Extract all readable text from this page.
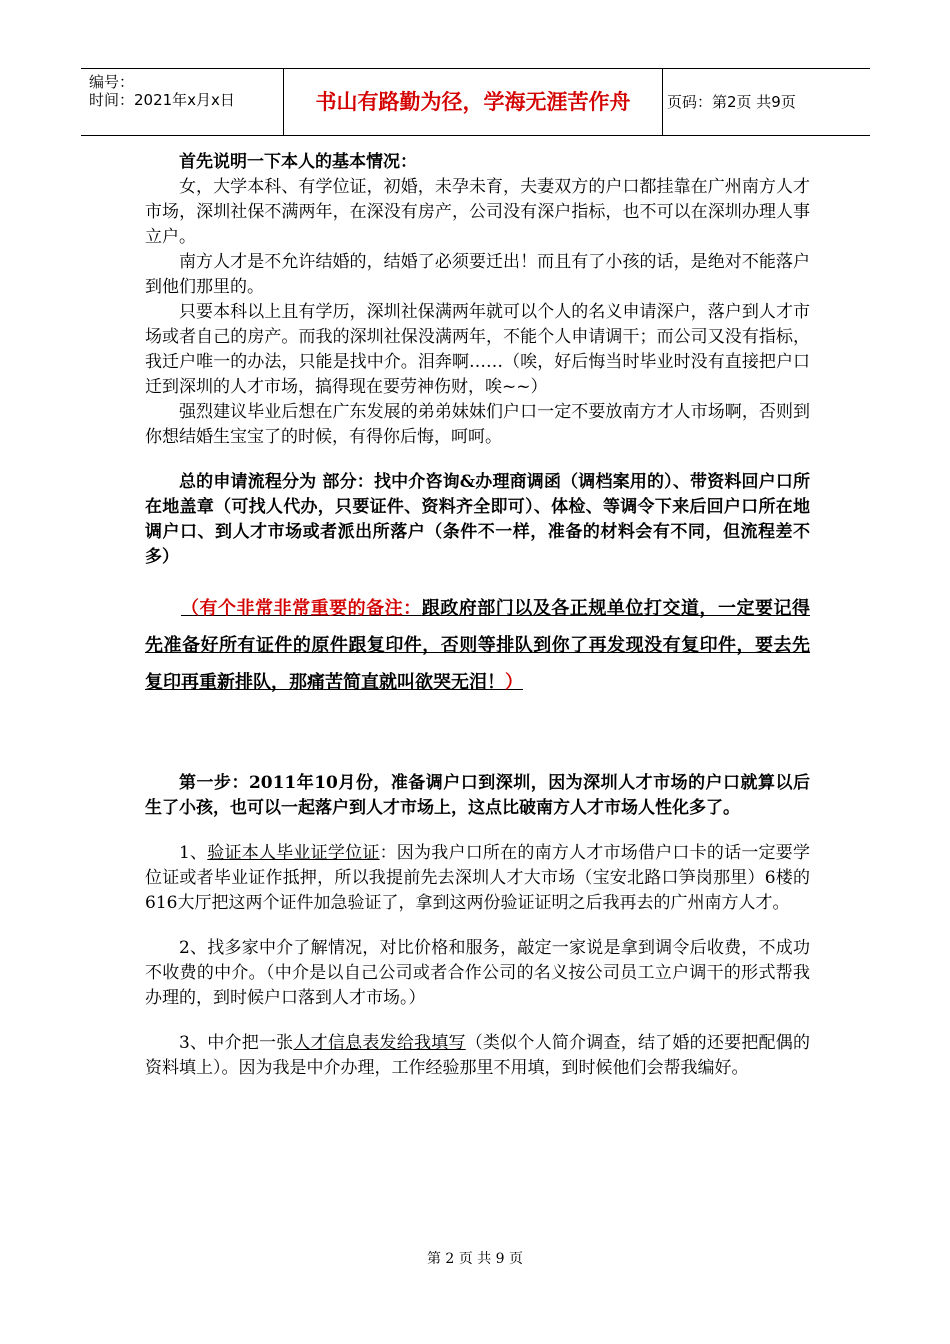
编号：
时间：2021年x月x日	书山有路勤为径，学海无涯苦作舟	页码：第2页 共9页

首先说明一下本人的基本情况：

女，大学本科、有学位证，初婚，未孕未育，夫妻双方的户口都挂靠在广州南方人才市场，深圳社保不满两年，在深没有房产，公司没有深户指标，也不可以在深圳办理人事立户。

南方人才是不允许结婚的，结婚了必须要迁出！而且有了小孩的话，是绝对不能落户到他们那里的。

只要本科以上且有学历，深圳社保满两年就可以个人的名义申请深户，落户到人才市场或者自己的房产。而我的深圳社保没满两年，不能个人申请调干；而公司又没有指标，我迁户唯一的办法，只能是找中介。泪奔啊……（唉，好后悔当时毕业时没有直接把户口迁到深圳的人才市场，搞得现在要劳神伤财，唉~~）

强烈建议毕业后想在广东发展的弟弟妹妹们户口一定不要放南方才人市场啊，否则到你想结婚生宝宝了的时候，有得你后悔，呵呵。

总的申请流程分为 部分：找中介咨询&办理商调函（调档案用的）、带资料回户口所在地盖章（可找人代办，只要证件、资料齐全即可）、体检、等调令下来后回户口所在地调户口、到人才市场或者派出所落户（条件不一样，准备的材料会有不同，但流程差不多）

（有个非常非常重要的备注：跟政府部门以及各正规单位打交道，一定要记得先准备好所有证件的原件跟复印件，否则等排队到你了再发现没有复印件，要去先复印再重新排队，那痛苦简直就叫欲哭无泪！）

第一步：2011年10月份，准备调户口到深圳，因为深圳人才市场的户口就算以后生了小孩，也可以一起落户到人才市场上，这点比破南方人才市场人性化多了。

1、验证本人毕业证学位证：因为我户口所在的南方人才市场借户口卡的话一定要学位证或者毕业证作抵押，所以我提前先去深圳人才大市场（宝安北路口笋岗那里）6楼的616大厅把这两个证件加急验证了，拿到这两份验证证明之后我再去的广州南方人才。

2、找多家中介了解情况，对比价格和服务，敲定一家说是拿到调令后收费，不成功不收费的中介。（中介是以自己公司或者合作公司的名义按公司员工立户调干的形式帮我办理的，到时候户口落到人才市场。）

3、中介把一张人才信息表发给我填写（类似个人简介调查，结了婚的还要把配偶的资料填上）。因为我是中介办理，工作经验那里不用填，到时候他们会帮我编好。

第 2 页 共 9 页
